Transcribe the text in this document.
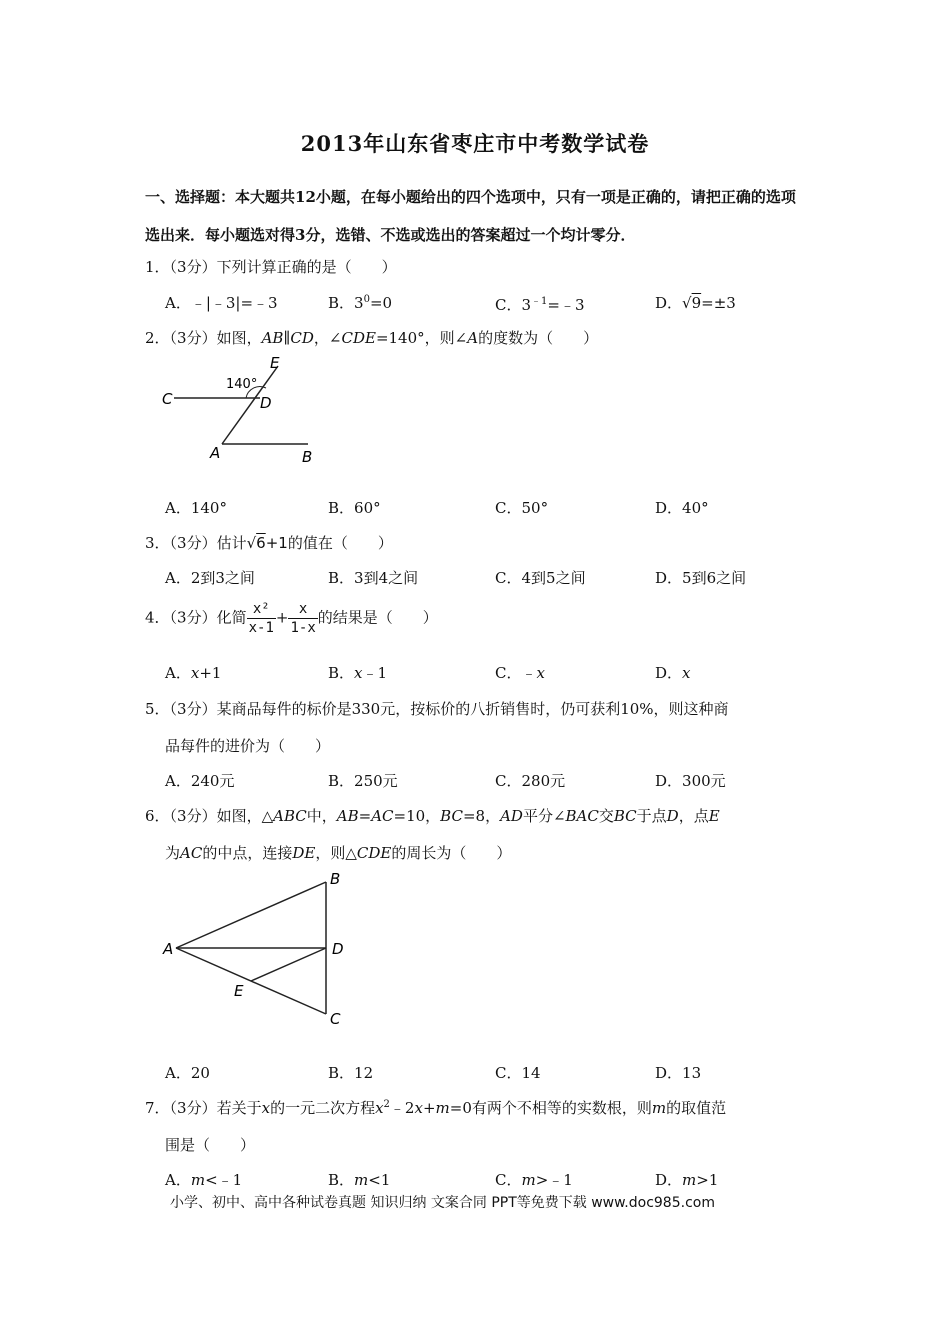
2013年山东省枣庄市中考数学试卷
一、选择题：本大题共12小题，在每小题给出的四个选项中，只有一项是正确的，请把正确的选项选出来．每小题选对得3分，选错、不选或选出的答案超过一个均计零分．
1．（3分）下列计算正确的是（　　）
A．﹣|﹣3|=﹣3	B．$3^0=0$	C．$3^{﹣1}=﹣3$	D．√9=±3
2．（3分）如图，AB∥CD，∠CDE=140°，则∠A的度数为（　　）
C	D
E
A	B
140°
A．140°	B．60°	C．50°	D．40°
3．（3分）估计√6+1的值在（　　）
A．2到3之间	B．3到4之间	C．4到5之间	D．5到6之间
4．（3分）化简 $\frac{\text{x²}}{x-1} + \frac{x}{1-x}$ 的结果是（　　）
A．x+1	B．x﹣1	C．﹣x	D．x
5．（3分）某商品每件的标价是330元，按标价的八折销售时，仍可获利10%，则这种商
品每件的进价为（　　）
A．240元	B．250元	C．280元	D．300元
6．（3分）如图，△ABC中，AB=AC=10，BC=8，AD平分∠BAC交BC于点D，点E
为AC的中点，连接DE，则△CDE的周长为（　　）
A
B
D
E
C
A．20	B．12	C．14	D．13
7．（3分）若关于x的一元二次方程$x^2﹣2x+m=0$有两个不相等的实数根，则m的取值范
围是（　　）
A．m<﹣1	B．m<1	C．m>﹣1	D．m>1
小学、初中、高中各种试卷真题 知识归纳 文案合同 PPT等免费下载 www.doc985.com
